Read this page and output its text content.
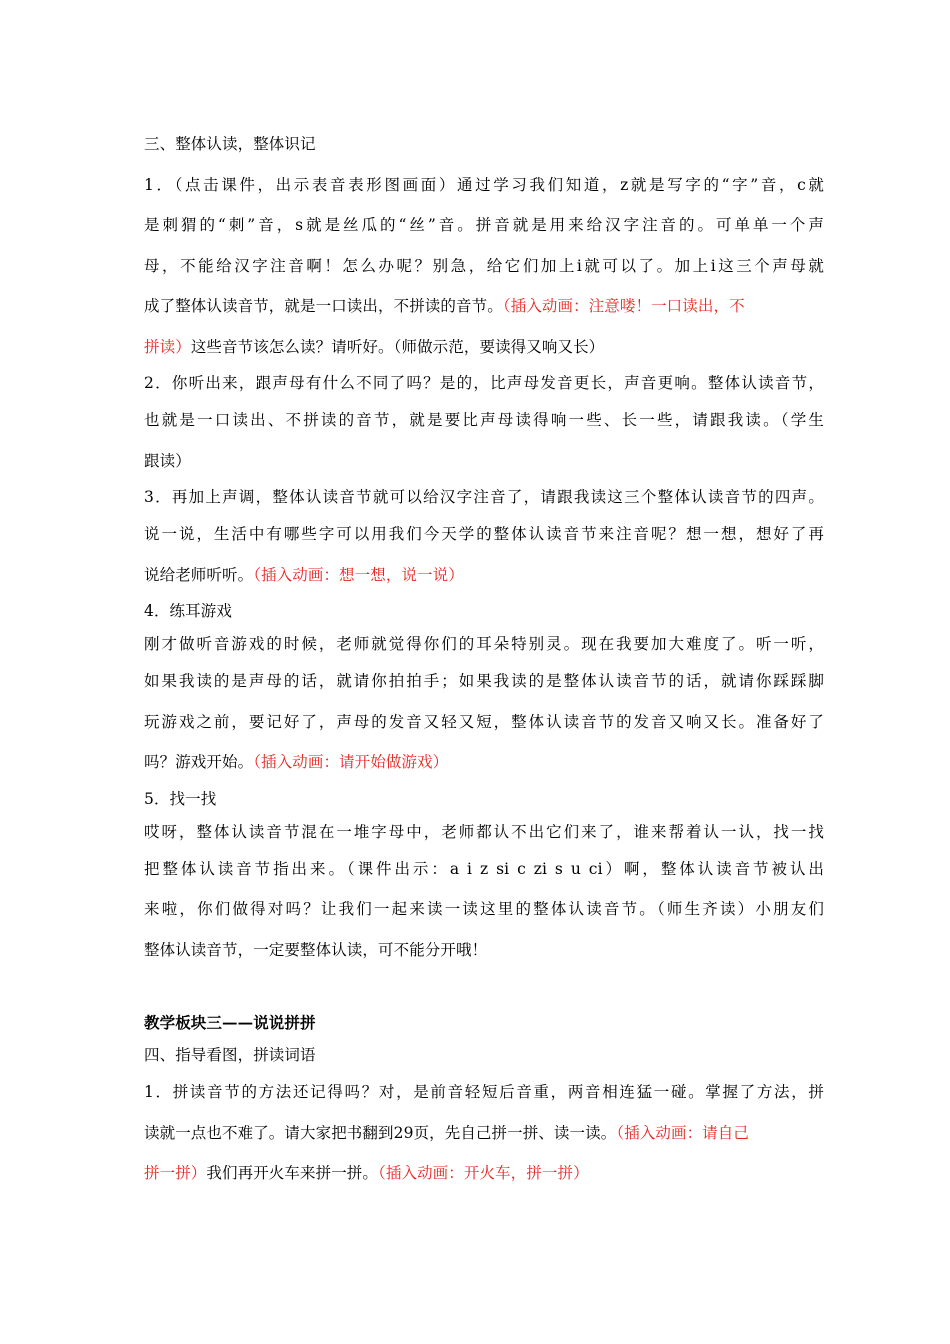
三、整体认读，整体识记
1．（点击课件，出示表音表形图画面）通过学习我们知道，z就是写字的“字”音，c就
是刺猬的“刺”音，s就是丝瓜的“丝”音。拼音就是用来给汉字注音的。可单单一个声
母，不能给汉字注音啊！怎么办呢？别急，给它们加上i就可以了。加上i这三个声母就
成了整体认读音节，就是一口读出，不拼读的音节。（插入动画：注意喽！一口读出，不
拼读）这些音节该怎么读？请听好。（师做示范，要读得又响又长）
2．你听出来，跟声母有什么不同了吗？是的，比声母发音更长，声音更响。整体认读音节，
也就是一口读出、不拼读的音节，就是要比声母读得响一些、长一些，请跟我读。（学生
跟读）
3．再加上声调，整体认读音节就可以给汉字注音了，请跟我读这三个整体认读音节的四声。
说一说，生活中有哪些字可以用我们今天学的整体认读音节来注音呢？想一想，想好了再
说给老师听听。（插入动画：想一想，说一说）
4．练耳游戏
刚才做听音游戏的时候，老师就觉得你们的耳朵特别灵。现在我要加大难度了。听一听，
如果我读的是声母的话，就请你拍拍手；如果我读的是整体认读音节的话，就请你踩踩脚
玩游戏之前，要记好了，声母的发音又轻又短，整体认读音节的发音又响又长。准备好了
吗？游戏开始。（插入动画：请开始做游戏）
5．找一找
哎呀，整体认读音节混在一堆字母中，老师都认不出它们来了，谁来帮着认一认，找一找
把整体认读音节指出来。（课件出示：a i z si c zi s u ci）啊，整体认读音节被认出
来啦，你们做得对吗？让我们一起来读一读这里的整体认读音节。（师生齐读）小朋友们
整体认读音节，一定要整体认读，可不能分开哦！
教学板块三——说说拼拼
四、指导看图，拼读词语
1．拼读音节的方法还记得吗？对，是前音轻短后音重，两音相连猛一碰。掌握了方法，拼
读就一点也不难了。请大家把书翻到29页，先自己拼一拼、读一读。（插入动画：请自己
拼一拼）我们再开火车来拼一拼。（插入动画：开火车，拼一拼）
